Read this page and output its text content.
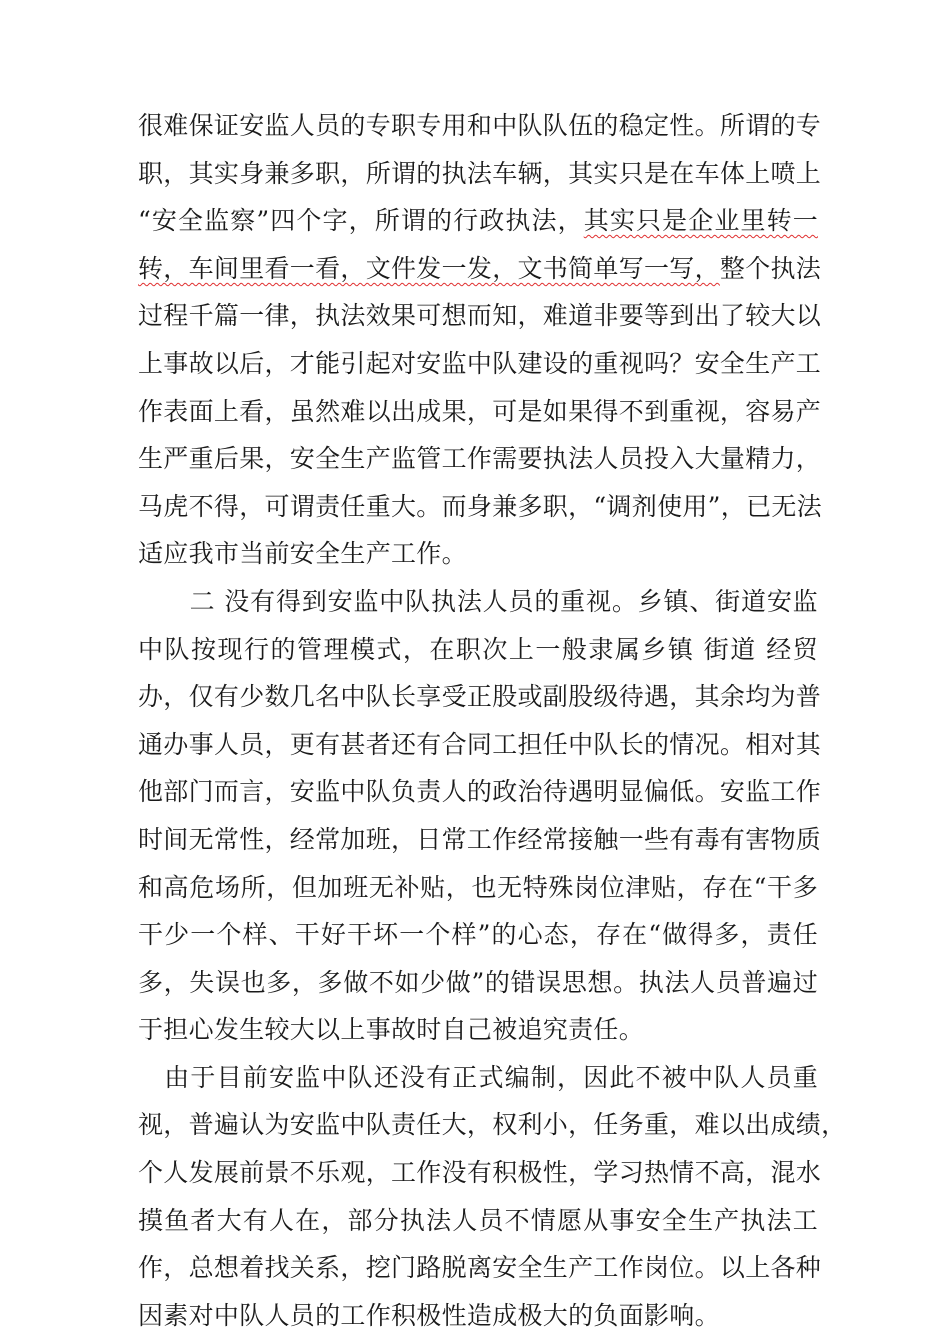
很难保证安监人员的专职专用和中队队伍的稳定性。所谓的专
职，其实身兼多职，所谓的执法车辆，其实只是在车体上喷上
“安全监察”四个字，所谓的行政执法，其实只是企业里转一
转，车间里看一看，文件发一发，文书简单写一写，整个执法
过程千篇一律，执法效果可想而知，难道非要等到出了较大以
上事故以后，才能引起对安监中队建设的重视吗？安全生产工
作表面上看，虽然难以出成果，可是如果得不到重视，容易产
生严重后果，安全生产监管工作需要执法人员投入大量精力，
马虎不得，可谓责任重大。而身兼多职，“调剂使用”，已无法
适应我市当前安全生产工作。
　　二 没有得到安监中队执法人员的重视。乡镇、街道安监
中队按现行的管理模式，在职次上一般隶属乡镇 街道 经贸
办，仅有少数几名中队长享受正股或副股级待遇，其余均为普
通办事人员，更有甚者还有合同工担任中队长的情况。相对其
他部门而言，安监中队负责人的政治待遇明显偏低。安监工作
时间无常性，经常加班，日常工作经常接触一些有毒有害物质
和高危场所，但加班无补贴，也无特殊岗位津贴，存在“干多
干少一个样、干好干坏一个样”的心态，存在“做得多，责任
多，失误也多，多做不如少做”的错误思想。执法人员普遍过
于担心发生较大以上事故时自己被追究责任。
　由于目前安监中队还没有正式编制，因此不被中队人员重
视，普遍认为安监中队责任大，权利小，任务重，难以出成绩，
个人发展前景不乐观，工作没有积极性，学习热情不高，混水
摸鱼者大有人在，部分执法人员不情愿从事安全生产执法工
作，总想着找关系，挖门路脱离安全生产工作岗位。以上各种
因素对中队人员的工作积极性造成极大的负面影响。
